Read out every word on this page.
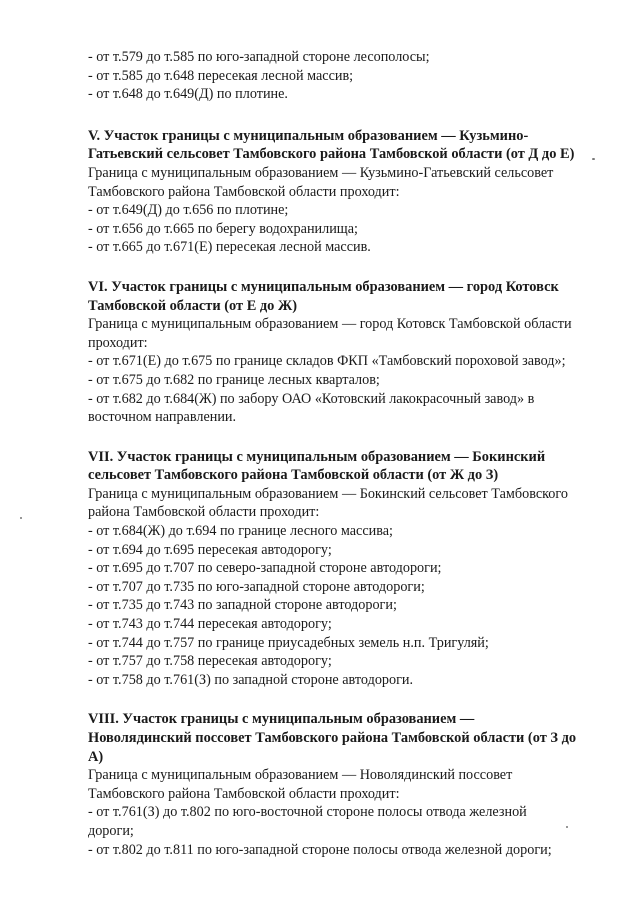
- от т.579 до т.585 по юго-западной стороне лесополосы;
- от т.585 до т.648 пересекая лесной массив;
- от т.648 до т.649(Д) по плотине.
V. Участок границы с муниципальным образованием — Кузьмино-
Гатьевский сельсовет Тамбовского района Тамбовской области (от Д до Е)
Граница с муниципальным образованием — Кузьмино-Гатьевский сельсовет
Тамбовского района Тамбовской области проходит:
- от т.649(Д) до т.656 по плотине;
- от т.656 до т.665 по берегу водохранилища;
- от т.665 до т.671(Е) пересекая лесной массив.
VI. Участок границы с муниципальным образованием — город Котовск
Тамбовской области (от Е до Ж)
Граница с муниципальным образованием — город Котовск Тамбовской области
проходит:
- от т.671(Е) до т.675 по границе складов ФКП «Тамбовский пороховой завод»;
- от т.675 до т.682 по границе лесных кварталов;
- от т.682 до т.684(Ж) по забору ОАО «Котовский лакокрасочный завод» в
восточном направлении.
VII. Участок границы с муниципальным образованием — Бокинский
сельсовет Тамбовского района Тамбовской области (от Ж до З)
Граница с муниципальным образованием — Бокинский сельсовет Тамбовского
района Тамбовской области проходит:
- от т.684(Ж) до т.694 по границе лесного массива;
- от т.694 до т.695 пересекая автодорогу;
- от т.695 до т.707 по северо-западной стороне автодороги;
- от т.707 до т.735 по юго-западной стороне автодороги;
- от т.735 до т.743 по западной стороне автодороги;
- от т.743 до т.744 пересекая автодорогу;
- от т.744 до т.757 по границе приусадебных земель н.п. Тригуляй;
- от т.757 до т.758 пересекая автодорогу;
- от т.758 до т.761(З) по западной стороне автодороги.
VIII. Участок границы с муниципальным образованием —
Новолядинский поссовет Тамбовского района Тамбовской области (от З до
А)
Граница с муниципальным образованием — Новолядинский поссовет
Тамбовского района Тамбовской области проходит:
- от т.761(З) до т.802 по юго-восточной стороне полосы отвода железной
дороги;
- от т.802 до т.811 по юго-западной стороне полосы отвода железной дороги;
